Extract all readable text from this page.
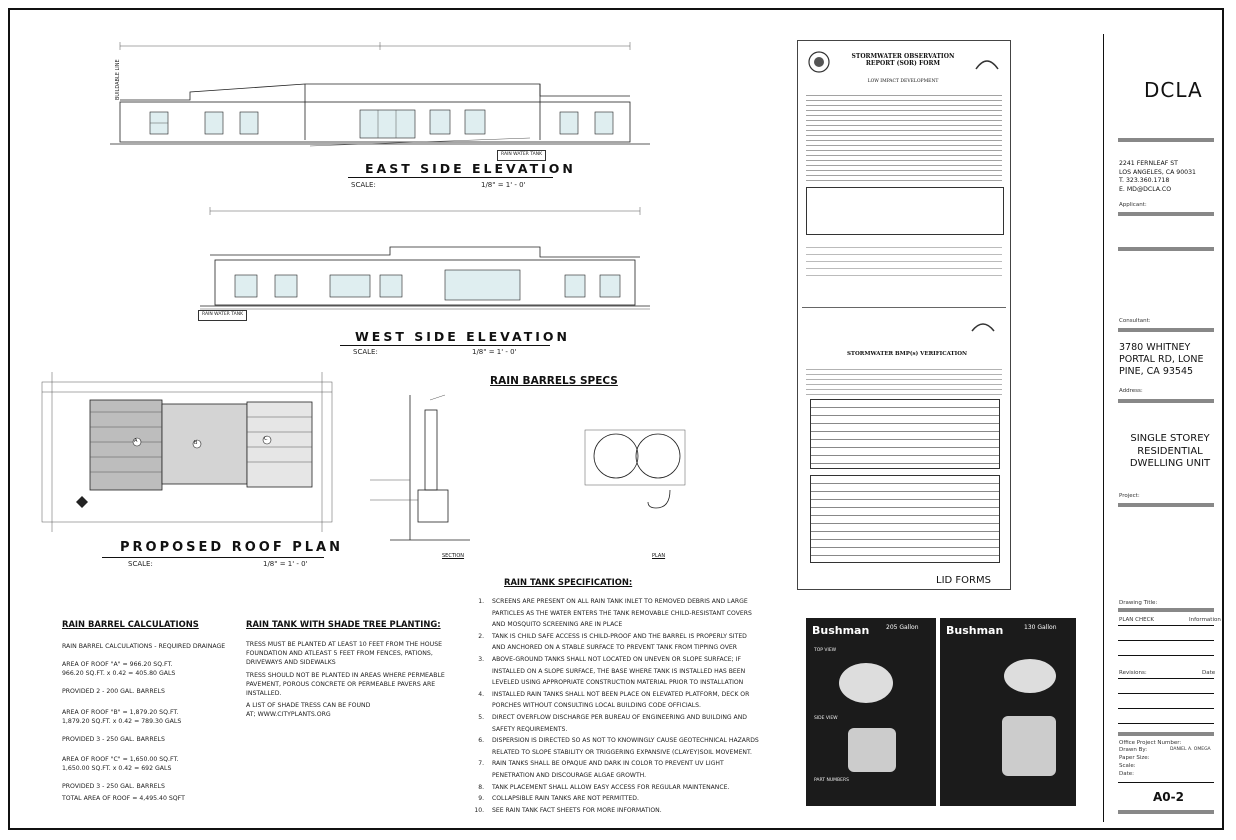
BUILDABLE LINE
RAIN WATER TANK
EAST SIDE ELEVATION
SCALE:	1/8" = 1' - 0'
RAIN WATER TANK
WEST SIDE ELEVATION
SCALE:	1/8" = 1' - 0'
A	B
C
PROPOSED ROOF PLAN
SCALE:	1/8" = 1' - 0'
RAIN BARRELS SPECS
SECTION	PLAN
RAIN BARREL CALCULATIONS
RAIN BARREL CALCULATIONS - REQUIRED DRAINAGE
AREA OF ROOF "A" = 966.20 SQ.FT.
966.20 SQ.FT. x 0.42 = 405.80 GALS
PROVIDED 2 - 200 GAL. BARRELS
AREA OF ROOF "B" = 1,879.20 SQ.FT.
1,879.20 SQ.FT. x 0.42 = 789.30 GALS
PROVIDED 3 - 250 GAL. BARRELS
AREA OF ROOF "C" = 1,650.00 SQ.FT.
1,650.00 SQ.FT. x 0.42 = 692 GALS
PROVIDED 3 - 250 GAL. BARRELS
TOTAL AREA OF ROOF = 4,495.40 SQFT
RAIN TANK WITH SHADE TREE PLANTING:
TRESS MUST BE PLANTED AT LEAST 10 FEET FROM THE HOUSE FOUNDATION AND ATLEAST 5 FEET FROM FENCES, PATIONS, DRIVEWAYS AND SIDEWALKS
TRESS SHOULD NOT BE PLANTED IN AREAS WHERE PERMEABLE PAVEMENT, POROUS CONCRETE OR PERMEABLE PAVERS ARE INSTALLED.
A LIST OF SHADE TRESS CAN BE FOUND AT; WWW.CITYPLANTS.ORG
RAIN TANK SPECIFICATION:
1. SCREENS ARE PRESENT ON ALL RAIN TANK INLET TO REMOVED DEBRIS AND LARGE PARTICLES AS THE WATER ENTERS THE TANK REMOVABLE CHILD-RESISTANT COVERS AND MOSQUITO SCREENING ARE IN PLACE
2. TANK IS CHILD SAFE ACCESS IS CHILD-PROOF AND THE BARREL IS PROPERLY SITED AND ANCHORED ON A STABLE SURFACE TO PREVENT TANK FROM TIPPING OVER
3. ABOVE-GROUND TANKS SHALL NOT LOCATED ON UNEVEN OR SLOPE SURFACE; IF INSTALLED ON A SLOPE SURFACE, THE BASE WHERE TANK IS INSTALLED HAS BEEN LEVELED USING APPROPRIATE CONSTRUCTION MATERIAL PRIOR TO INSTALLATION
4. INSTALLED RAIN TANKS SHALL NOT BEEN PLACE ON ELEVATED PLATFORM, DECK OR PORCHES WITHOUT CONSULTING LOCAL BUILDING CODE OFFICIALS.
5. DIRECT OVERFLOW DISCHARGE PER BUREAU OF ENGINEERING AND BUILDING AND SAFETY REQUIREMENTS.
6. DISPERSION IS DIRECTED SO AS NOT TO KNOWINGLY CAUSE GEOTECHNICAL HAZARDS RELATED TO SLOPE STABILITY OR TRIGGERING EXPANSIVE (CLAYEY)SOIL MOVEMENT.
7. RAIN TANKS SHALL BE OPAQUE AND DARK IN COLOR TO PREVENT UV LIGHT PENETRATION AND DISCOURAGE ALGAE GROWTH.
8. TANK PLACEMENT SHALL ALLOW EASY ACCESS FOR REGULAR MAINTENANCE.
9. COLLAPSIBLE RAIN TANKS ARE NOT PERMITTED.
10. SEE RAIN TANK FACT SHEETS FOR MORE INFORMATION.
STORMWATER OBSERVATION REPORT (SOR) FORM
LOW IMPACT DEVELOPMENT
STORMWATER BMP(s) VERIFICATION
LID FORMS
Bushman	205 Gallon
TOP VIEW
SIDE VIEW
PART NUMBERS
Bushman	130 Gallon
DCLA
2241 FERNLEAF ST
LOS ANGELES, CA 90031
T. 323.360.1718
E. MD@DCLA.CO
Applicant:
Consultant:
3780 WHITNEY PORTAL RD, LONE PINE, CA 93545
Address:
SINGLE STOREY RESIDENTIAL DWELLING UNIT
Project:
Drawing Title:
PLAN CHECK	Information
Revisions:	Date
Office Project Number:
Drawn By:	DANIEL A. OMEGA
Paper Size:
Scale:
Date:
A0-2
